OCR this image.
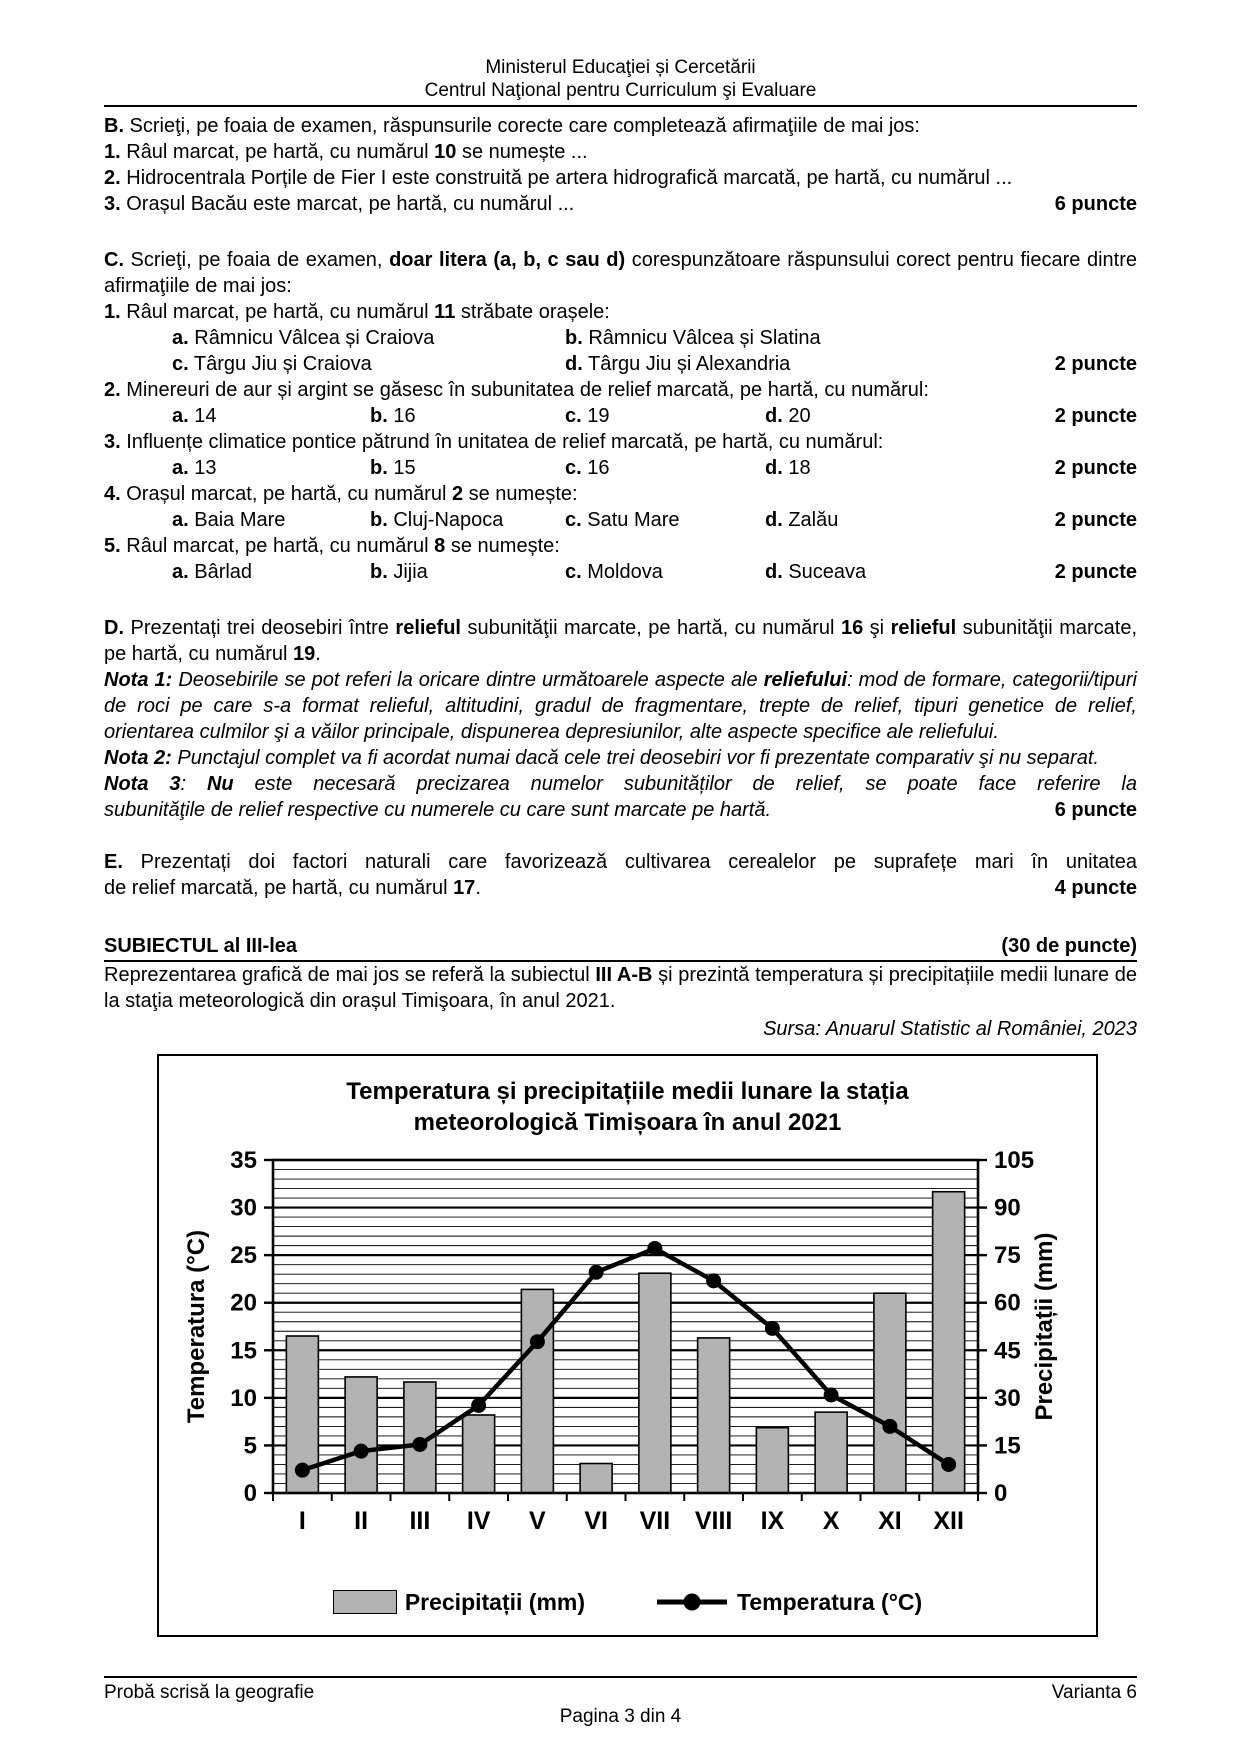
Ministerul Educaţiei și Cercetării
Centrul Naţional pentru Curriculum şi Evaluare

B. Scrieţi, pe foaia de examen, răspunsurile corecte care completează afirmaţiile de mai jos:

1. Râul marcat, pe hartă, cu numărul 10 se numește ...

2. Hidrocentrala Porțile de Fier I este construită pe artera hidrografică marcată, pe hartă, cu numărul ...

3. Orașul Bacău este marcat, pe hartă, cu numărul ...	6 puncte

C. Scrieţi, pe foaia de examen, doar litera (a, b, c sau d) corespunzătoare răspunsului corect pentru fiecare dintre afirmaţiile de mai jos:

1. Râul marcat, pe hartă, cu numărul 11 străbate orașele:

a. Râmnicu Vâlcea și Craiova	b. Râmnicu Vâlcea și Slatina
c. Târgu Jiu și Craiova	d. Târgu Jiu și Alexandria	2 puncte

2. Minereuri de aur și argint se găsesc în subunitatea de relief marcată, pe hartă, cu numărul:

a. 14	b. 16	c. 19	d. 20	2 puncte

3. Influențe climatice pontice pătrund în unitatea de relief marcată, pe hartă, cu numărul:

a. 13	b. 15	c. 16	d. 18	2 puncte

4. Orașul marcat, pe hartă, cu numărul 2 se numește:

a. Baia Mare	b. Cluj-Napoca	c. Satu Mare	d. Zalău	2 puncte

5. Râul marcat, pe hartă, cu numărul 8 se numește:

a. Bârlad	b. Jijia	c. Moldova	d. Suceava	2 puncte

D. Prezentați trei deosebiri între relieful subunităţii marcate, pe hartă, cu numărul 16 şi relieful subunităţii marcate, pe hartă, cu numărul 19.

Nota 1: Deosebirile se pot referi la oricare dintre următoarele aspecte ale reliefului: mod de formare, categorii/tipuri de roci pe care s-a format relieful, altitudini, gradul de fragmentare, trepte de relief, tipuri genetice de relief, orientarea culmilor şi a văilor principale, dispunerea depresiunilor, alte aspecte specifice ale reliefului.

Nota 2: Punctajul complet va fi acordat numai dacă cele trei deosebiri vor fi prezentate comparativ şi nu separat.

Nota 3: Nu este necesară precizarea numelor subunităților de relief, se poate face referire la

subunităţile de relief respective cu numerele cu care sunt marcate pe hartă.	6 puncte

E. Prezentați doi factori naturali care favorizează cultivarea cerealelor pe suprafețe mari în unitatea

de relief marcată, pe hartă, cu numărul 17.	4 puncte
SUBIECTUL al III-lea	(30 de puncte)

Reprezentarea grafică de mai jos se referă la subiectul III A-B și prezintă temperatura și precipitațiile medii lunare de la staţia meteorologică din orașul Timişoara, în anul 2021.

Sursa: Anuarul Statistic al României, 2023

Temperatura și precipitațiile medii lunare la stația meteorologică Timișoara în anul 2021
0
5
10
15
20
25
30
35
0
15
30
45
60
75
90
105
I II III IV V VI VII VIII IX X XI XII
Temperatura (°C)	Precipitații (mm)
Precipitații (mm)	Temperatura (°C)
Probă scrisă la geografie	Varianta 6
Pagina 3 din 4
